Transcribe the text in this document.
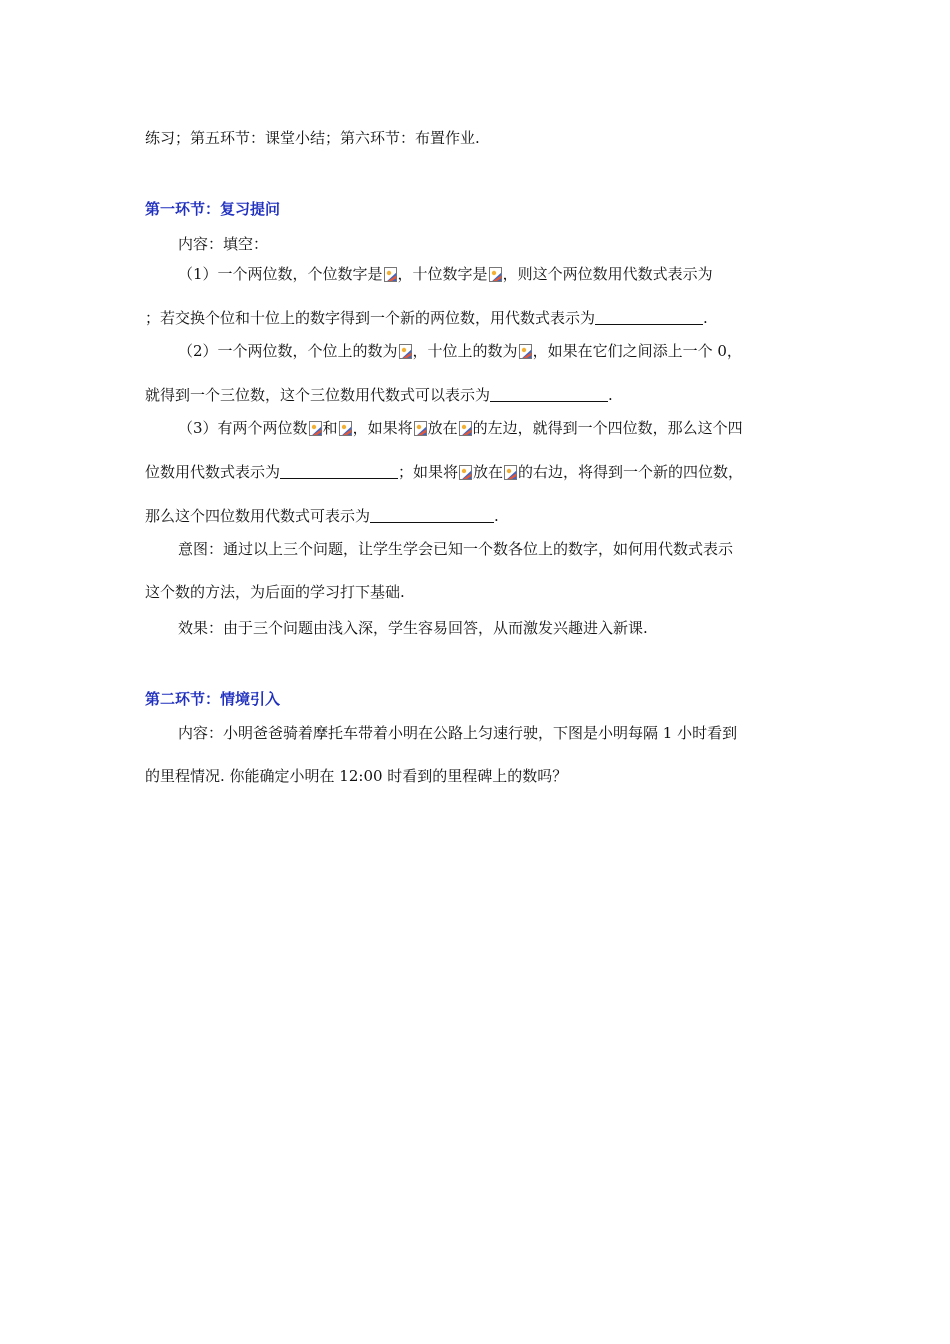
练习；第五环节：课堂小结；第六环节：布置作业.
第一环节：复习提问
内容：填空：
（1）一个两位数，个位数字是 ，十位数字是 ，则这个两位数用代数式表示为
；若交换个位和十位上的数字得到一个新的两位数，用代数式表示为	.
（2）一个两位数，个位上的数为 ，十位上的数为 ，如果在它们之间添上一个 0，
就得到一个三位数，这个三位数用代数式可以表示为	.
（3）有两个两位数 和 ，如果将 放在 的左边，就得到一个四位数，那么这个四
位数用代数式表示为	；如果将 放在 的右边，将得到一个新的四位数，
那么这个四位数用代数式可表示为	.
意图：通过以上三个问题，让学生学会已知一个数各位上的数字，如何用代数式表示
这个数的方法，为后面的学习打下基础.
效果：由于三个问题由浅入深，学生容易回答，从而激发兴趣进入新课.
第二环节：情境引入
内容：小明爸爸骑着摩托车带着小明在公路上匀速行驶，下图是小明每隔 1 小时看到
的里程情况. 你能确定小明在 12:00 时看到的里程碑上的数吗？
